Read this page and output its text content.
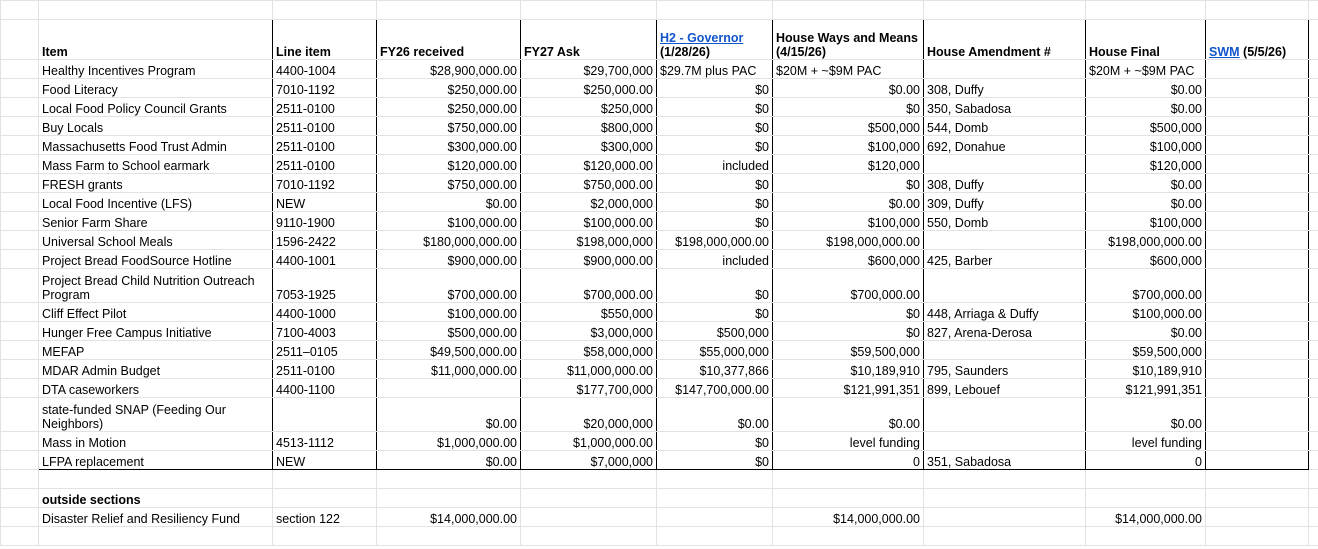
	Item	Line item	FY26 received	FY27 Ask	H2 - Governor
(1/28/26)	House Ways and Means (4/15/26)	House Amendment #	House Final	SWM (5/5/26)	
	Healthy Incentives Program	4400-1004	$28,900,000.00	$29,700,000	$29.7M plus PAC	$20M + ~$9M PAC		$20M + ~$9M PAC		
	Food Literacy	7010-1192	$250,000.00	$250,000.00	$0	$0.00	308, Duffy	$0.00		
	Local Food Policy Council Grants	2511-0100	$250,000.00	$250,000	$0	$0	350, Sabadosa	$0.00		
	Buy Locals	2511-0100	$750,000.00	$800,000	$0	$500,000	544, Domb	$500,000		
	Massachusetts Food Trust Admin	2511-0100	$300,000.00	$300,000	$0	$100,000	692, Donahue	$100,000		
	Mass Farm to School earmark	2511-0100	$120,000.00	$120,000.00	included	$120,000		$120,000		
	FRESH grants	7010-1192	$750,000.00	$750,000.00	$0	$0	308, Duffy	$0.00		
	Local Food Incentive (LFS)	NEW	$0.00	$2,000,000	$0	$0.00	309, Duffy	$0.00		
	Senior Farm Share	9110-1900	$100,000.00	$100,000.00	$0	$100,000	550, Domb	$100,000		
	Universal School Meals	1596-2422	$180,000,000.00	$198,000,000	$198,000,000.00	$198,000,000.00		$198,000,000.00		
	Project Bread FoodSource Hotline	4400-1001	$900,000.00	$900,000.00	included	$600,000	425, Barber	$600,000		
	Project Bread Child Nutrition Outreach Program	7053-1925	$700,000.00	$700,000.00	$0	$700,000.00		$700,000.00		
	Cliff Effect Pilot	4400-1000	$100,000.00	$550,000	$0	$0	448, Arriaga & Duffy	$100,000.00		
	Hunger Free Campus Initiative	7100-4003	$500,000.00	$3,000,000	$500,000	$0	827, Arena-Derosa	$0.00		
	MEFAP	2511–0105	$49,500,000.00	$58,000,000	$55,000,000	$59,500,000		$59,500,000		
	MDAR Admin Budget	2511-0100	$11,000,000.00	$11,000,000.00	$10,377,866	$10,189,910	795, Saunders	$10,189,910		
	DTA caseworkers	4400-1100		$177,700,000	$147,700,000.00	$121,991,351	899, Lebouef	$121,991,351		
	state-funded SNAP (Feeding Our Neighbors)		$0.00	$20,000,000	$0.00	$0.00		$0.00		
	Mass in Motion	4513-1112	$1,000,000.00	$1,000,000.00	$0	level funding		level funding		
	LFPA replacement	NEW	$0.00	$7,000,000	$0	0	351, Sabadosa	0		

	outside sections									
	Disaster Relief and Resiliency Fund	section 122	$14,000,000.00			$14,000,000.00		$14,000,000.00		
